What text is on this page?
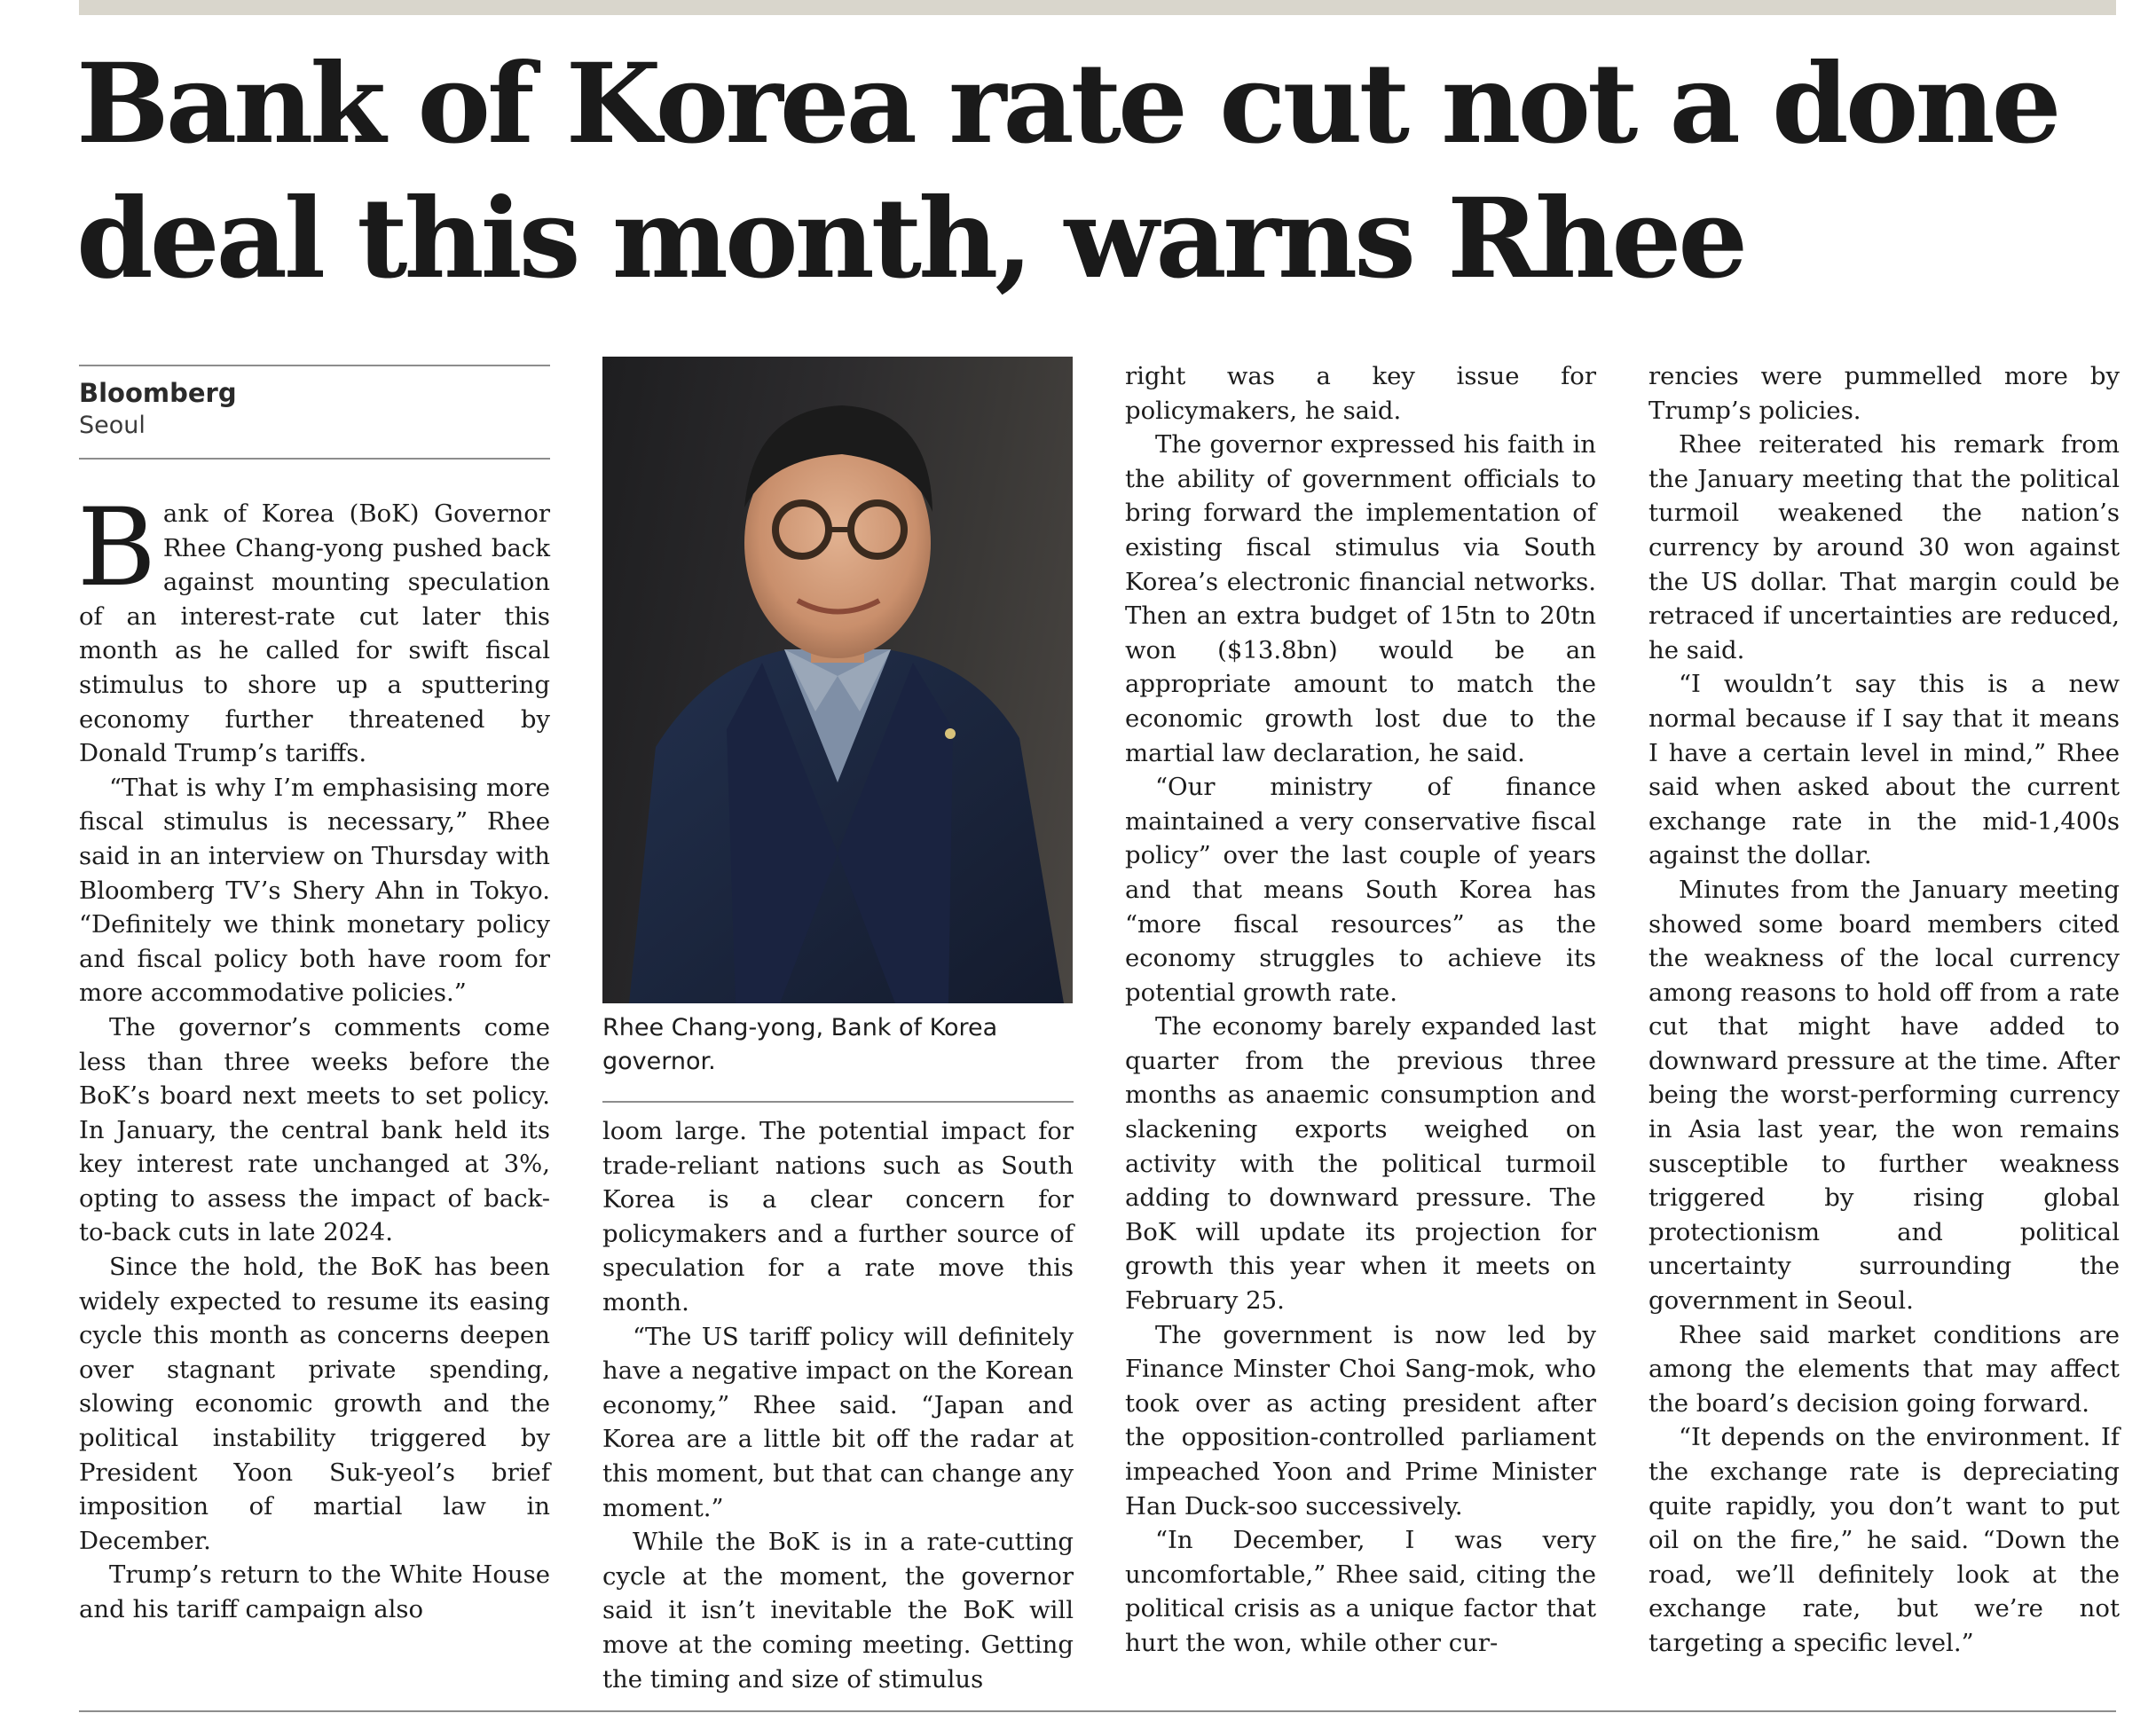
Bank of Korea rate cut not a done deal this month, warns Rhee
Bloomberg
Seoul

Bank of Korea (BoK) Governor Rhee Chang-yong pushed back against mounting speculation of an interest-rate cut later this month as he called for swift fiscal stimulus to shore up a sputtering economy further threatened by Donald Trump’s tariffs.

“That is why I’m emphasising more fiscal stimulus is necessary,” Rhee said in an interview on Thursday with Bloomberg TV’s Shery Ahn in Tokyo. “Definitely we think monetary policy and fiscal policy both have room for more accommodative policies.”

The governor’s comments come less than three weeks before the BoK’s board next meets to set policy. In January, the central bank held its key interest rate unchanged at 3%, opting to assess the impact of back-to-back cuts in late 2024.

Since the hold, the BoK has been widely expected to resume its easing cycle this month as concerns deepen over stagnant private spending, slowing economic growth and the political instability triggered by President Yoon Suk-yeol’s brief imposition of martial law in December.

Trump’s return to the White House and his tariff campaign also

Rhee Chang-yong, Bank of Korea governor.

loom large. The potential impact for trade-reliant nations such as South Korea is a clear concern for policymakers and a further source of speculation for a rate move this month.

“The US tariff policy will definitely have a negative impact on the Korean economy,” Rhee said. “Japan and Korea are a little bit off the radar at this moment, but that can change any moment.”

While the BoK is in a rate-cutting cycle at the moment, the governor said it isn’t inevitable the BoK will move at the coming meeting. Getting the timing and size of stimulus

right was a key issue for policymakers, he said.

The governor expressed his faith in the ability of government officials to bring forward the implementation of existing fiscal stimulus via South Korea’s electronic financial networks. Then an extra budget of 15tn to 20tn won ($13.8bn) would be an appropriate amount to match the economic growth lost due to the martial law declaration, he said.

“Our ministry of finance maintained a very conservative fiscal policy” over the last couple of years and that means South Korea has “more fiscal resources” as the economy struggles to achieve its potential growth rate.

The economy barely expanded last quarter from the previous three months as anaemic consumption and slackening exports weighed on activity with the political turmoil adding to downward pressure. The BoK will update its projection for growth this year when it meets on February 25.

The government is now led by Finance Minster Choi Sang-mok, who took over as acting president after the opposition-controlled parliament impeached Yoon and Prime Minister Han Duck-soo successively.

“In December, I was very uncomfortable,” Rhee said, citing the political crisis as a unique factor that hurt the won, while other cur-

rencies were pummelled more by Trump’s policies.

Rhee reiterated his remark from the January meeting that the political turmoil weakened the nation’s currency by around 30 won against the US dollar. That margin could be retraced if uncertainties are reduced, he said.

“I wouldn’t say this is a new normal because if I say that it means I have a certain level in mind,” Rhee said when asked about the current exchange rate in the mid-1,400s against the dollar.

Minutes from the January meeting showed some board members cited the weakness of the local currency among reasons to hold off from a rate cut that might have added to downward pressure at the time. After being the worst-performing currency in Asia last year, the won remains susceptible to further weakness triggered by rising global protectionism and political uncertainty surrounding the government in Seoul.

Rhee said market conditions are among the elements that may affect the board’s decision going forward.

“It depends on the environment. If the exchange rate is depreciating quite rapidly, you don’t want to put oil on the fire,” he said. “Down the road, we’ll definitely look at the exchange rate, but we’re not targeting a specific level.”
